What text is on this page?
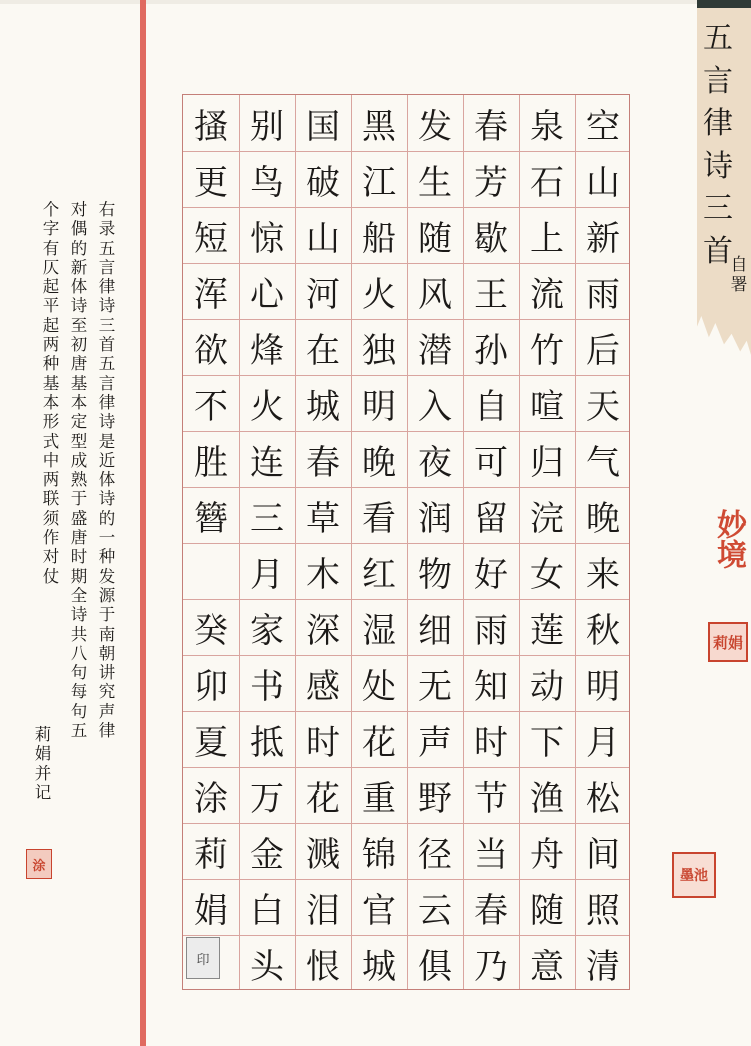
右
录
五
言
律
诗
三
首
五
言
律
诗
是
近
体
诗
的
一
种
发
源
于
南
朝
讲
究
声
律
对
偶
的
新
体
诗
至
初
唐
基
本
定
型
成
熟
于
盛
唐
时
期
全
诗
共
八
句
每
句
五
个
字
有
仄
起
平
起
两
种
基
本
形
式
中
两
联
须
作
对
仗
莉
娟
并
记
空
山
新
雨
后
天
气
晚
来
秋
明
月
松
间
照
清
泉
石
上
流
竹
喧
归
浣
女
莲
动
下
渔
舟
随
意
春
芳
歇
王
孙
自
可
留
好
雨
知
时
节
当
春
乃
发
生
随
风
潜
入
夜
润
物
细
无
声
野
径
云
俱
黑
江
船
火
独
明
晚
看
红
湿
处
花
重
锦
官
城
国
破
山
河
在
城
春
草
木
深
感
时
花
溅
泪
恨
别
鸟
惊
心
烽
火
连
三
月
家
书
抵
万
金
白
头
搔
更
短
浑
欲
不
胜
簪
癸
卯
夏
涂
莉
娟
五
言
律
诗
三
首
自
署
妙境
莉娟
墨池
涂
印
